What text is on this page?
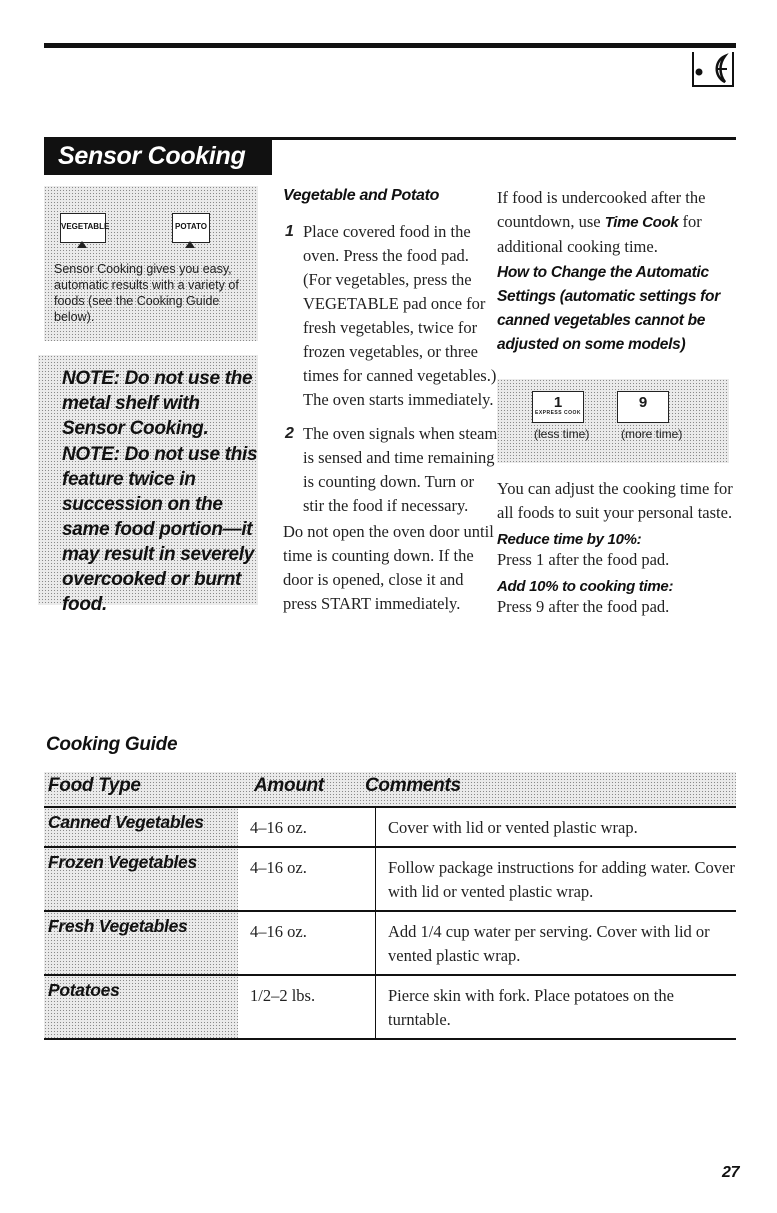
Sensor Cooking
VEGETABLE	POTATO
Sensor Cooking gives you easy, automatic results with a variety of foods (see the Cooking Guide below).
NOTE: Do not use the metal shelf with Sensor Cooking.
NOTE: Do not use this feature twice in succession on the same food portion—it may result in severely overcooked or burnt food.
Vegetable and Potato
1 Place covered food in the oven. Press the food pad. (For vegetables, press the VEGETABLE pad once for fresh vegetables, twice for frozen vegetables, or three times for canned vegetables.) The oven starts immediately.
2 The oven signals when steam is sensed and time remaining is counting down. Turn or stir the food if necessary.
Do not open the oven door until time is counting down. If the door is opened, close it and press START immediately.
If food is undercooked after the countdown, use Time Cook for additional cooking time.
How to Change the Automatic Settings (automatic settings for canned vegetables cannot be adjusted on some models)
1
EXPRESS COOK
9
(less time)	(more time)
You can adjust the cooking time for all foods to suit your personal taste.
Reduce time by 10%:
Press 1 after the food pad.
Add 10% to cooking time:
Press 9 after the food pad.
Cooking Guide
Food Type	Amount Comments
Canned Vegetables	4–16 oz.	Cover with lid or vented plastic wrap.

Frozen Vegetables	4–16 oz.	Follow package instructions for adding water. Cover with lid or vented plastic wrap.

Fresh Vegetables	4–16 oz.	Add 1/4 cup water per serving. Cover with lid or vented plastic wrap.

Potatoes	1/2–2 lbs.	Pierce skin with fork. Place potatoes on the turntable.
27
